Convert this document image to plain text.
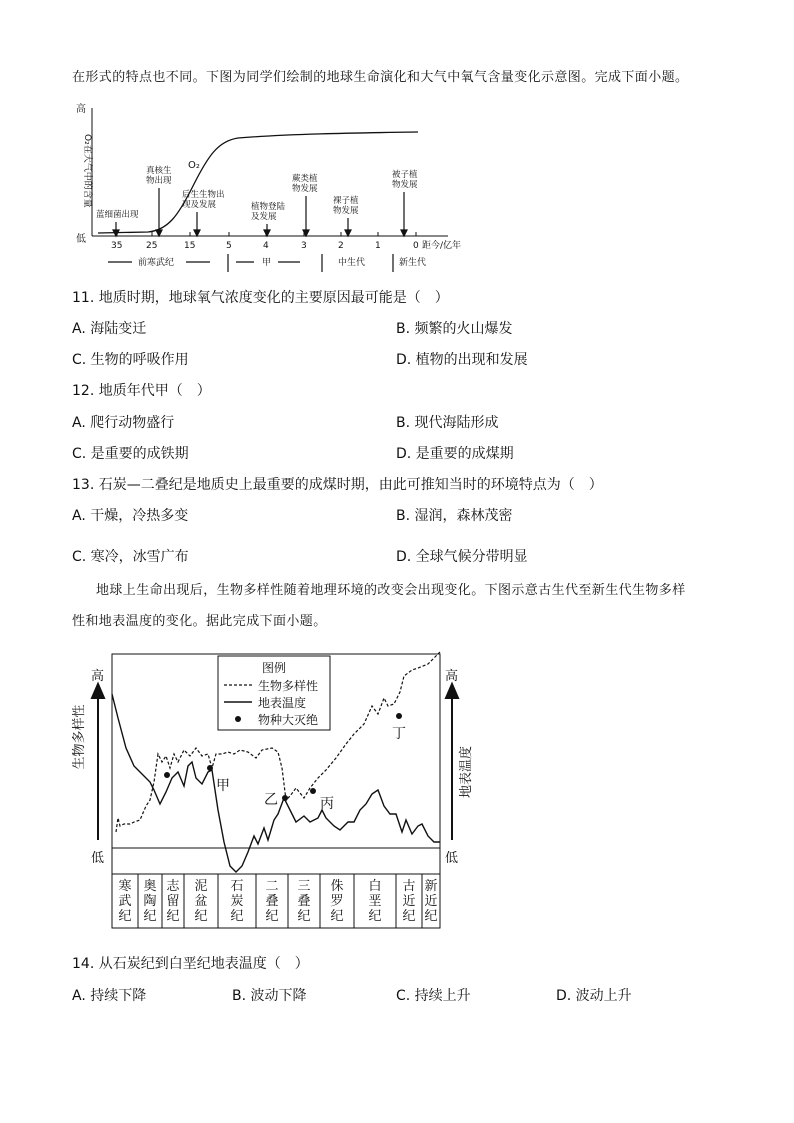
在形式的特点也不同。下图为同学们绘制的地球生命演化和大气中氧气含量变化示意图。完成下面小题。
高
低
O₂在大气中的含量	O₂
35	25	15	5	4	3	2	1	0 距今/亿年
蓝细菌出现
真核生物出现
后生生物出现及发展	植物登陆及发展
蕨类植物发展
裸子植物发展
被子植物发展
前寒武纪	甲	中生代	新生代
11. 地质时期，地球氧气浓度变化的主要原因最可能是（　）
A. 海陆变迁	B. 频繁的火山爆发
C. 生物的呼吸作用	D. 植物的出现和发展
12. 地质年代甲（　）
A. 爬行动物盛行	B. 现代海陆形成
C. 是重要的成铁期	D. 是重要的成煤期
13. 石炭—二叠纪是地质史上最重要的成煤时期，由此可推知当时的环境特点为（　）
A. 干燥，冷热多变	B. 湿润，森林茂密
C. 寒冷，冰雪广布	D. 全球气候分带明显
地球上生命出现后，生物多样性随着地理环境的改变会出现变化。下图示意古生代至新生代生物多样
性和地表温度的变化。据此完成下面小题。
高
低
生物多样性
高
低
地表温度
甲
乙	丙
丁
图例
生物多样性
地表温度
物种大灭绝
寒武纪
奥陶纪
志留纪
泥盆纪
石炭纪
二叠纪
三叠纪
侏罗纪
白垩纪
古近纪
新近纪
14. 从石炭纪到白垩纪地表温度（　）
A. 持续下降	B. 波动下降	C. 持续上升	D. 波动上升
